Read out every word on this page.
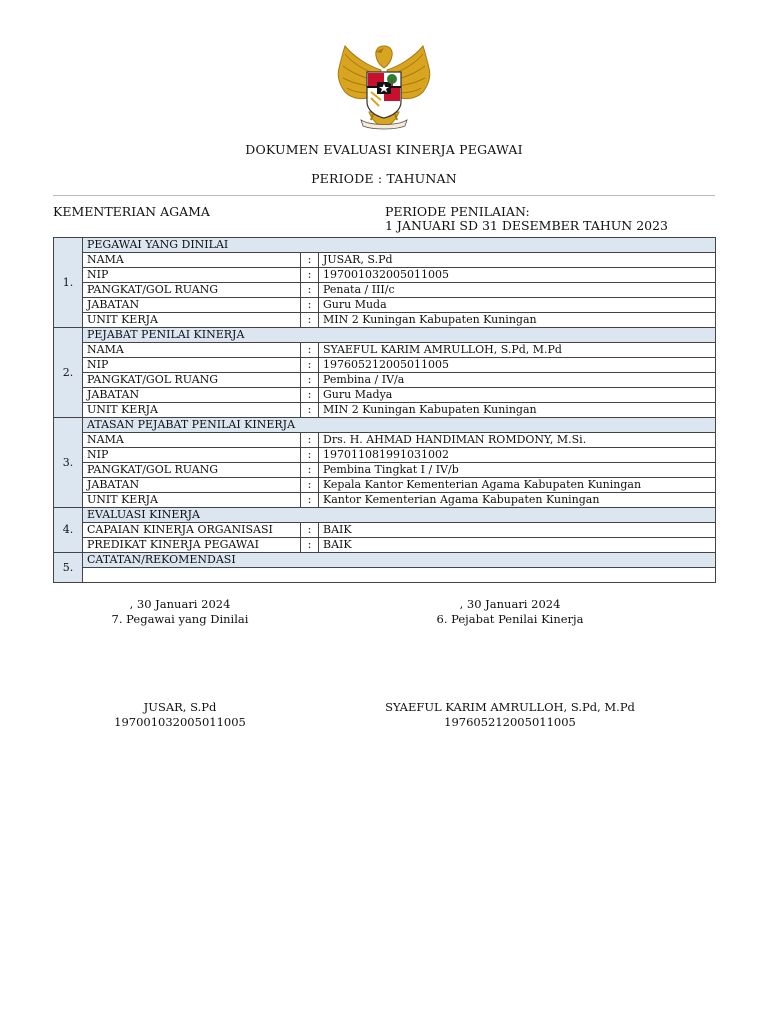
DOKUMEN EVALUASI KINERJA PEGAWAI
PERIODE : TAHUNAN
KEMENTERIAN AGAMA	PERIODE PENILAIAN:
1 JANUARI SD 31 DESEMBER TAHUN 2023
1.	PEGAWAI YANG DINILAI		
	NAMA	:	JUSAR, S.Pd
	NIP	:	197001032005011005
	PANGKAT/GOL RUANG	:	Penata / III/c
	JABATAN	:	Guru Muda
	UNIT KERJA	:	MIN 2 Kuningan Kabupaten Kuningan
2.	PEJABAT PENILAI KINERJA		
	NAMA	:	SYAEFUL KARIM AMRULLOH, S.Pd, M.Pd
	NIP	:	197605212005011005
	PANGKAT/GOL RUANG	:	Pembina / IV/a
	JABATAN	:	Guru Madya
	UNIT KERJA	:	MIN 2 Kuningan Kabupaten Kuningan
3.	ATASAN PEJABAT PENILAI KINERJA		
	NAMA	:	Drs. H. AHMAD HANDIMAN ROMDONY, M.Si.
	NIP	:	197011081991031002
	PANGKAT/GOL RUANG	:	Pembina Tingkat I / IV/b
	JABATAN	:	Kepala Kantor Kementerian Agama Kabupaten Kuningan
	UNIT KERJA	:	Kantor Kementerian Agama Kabupaten Kuningan
4.	EVALUASI KINERJA		
	CAPAIAN KINERJA ORGANISASI	:	BAIK
	PREDIKAT KINERJA PEGAWAI	:	BAIK
5.	CATATAN/REKOMENDASI		

, 30 Januari 2024
7. Pegawai yang Dinilai
JUSAR, S.Pd
197001032005011005
, 30 Januari 2024
6. Pejabat Penilai Kinerja
SYAEFUL KARIM AMRULLOH, S.Pd, M.Pd
197605212005011005
